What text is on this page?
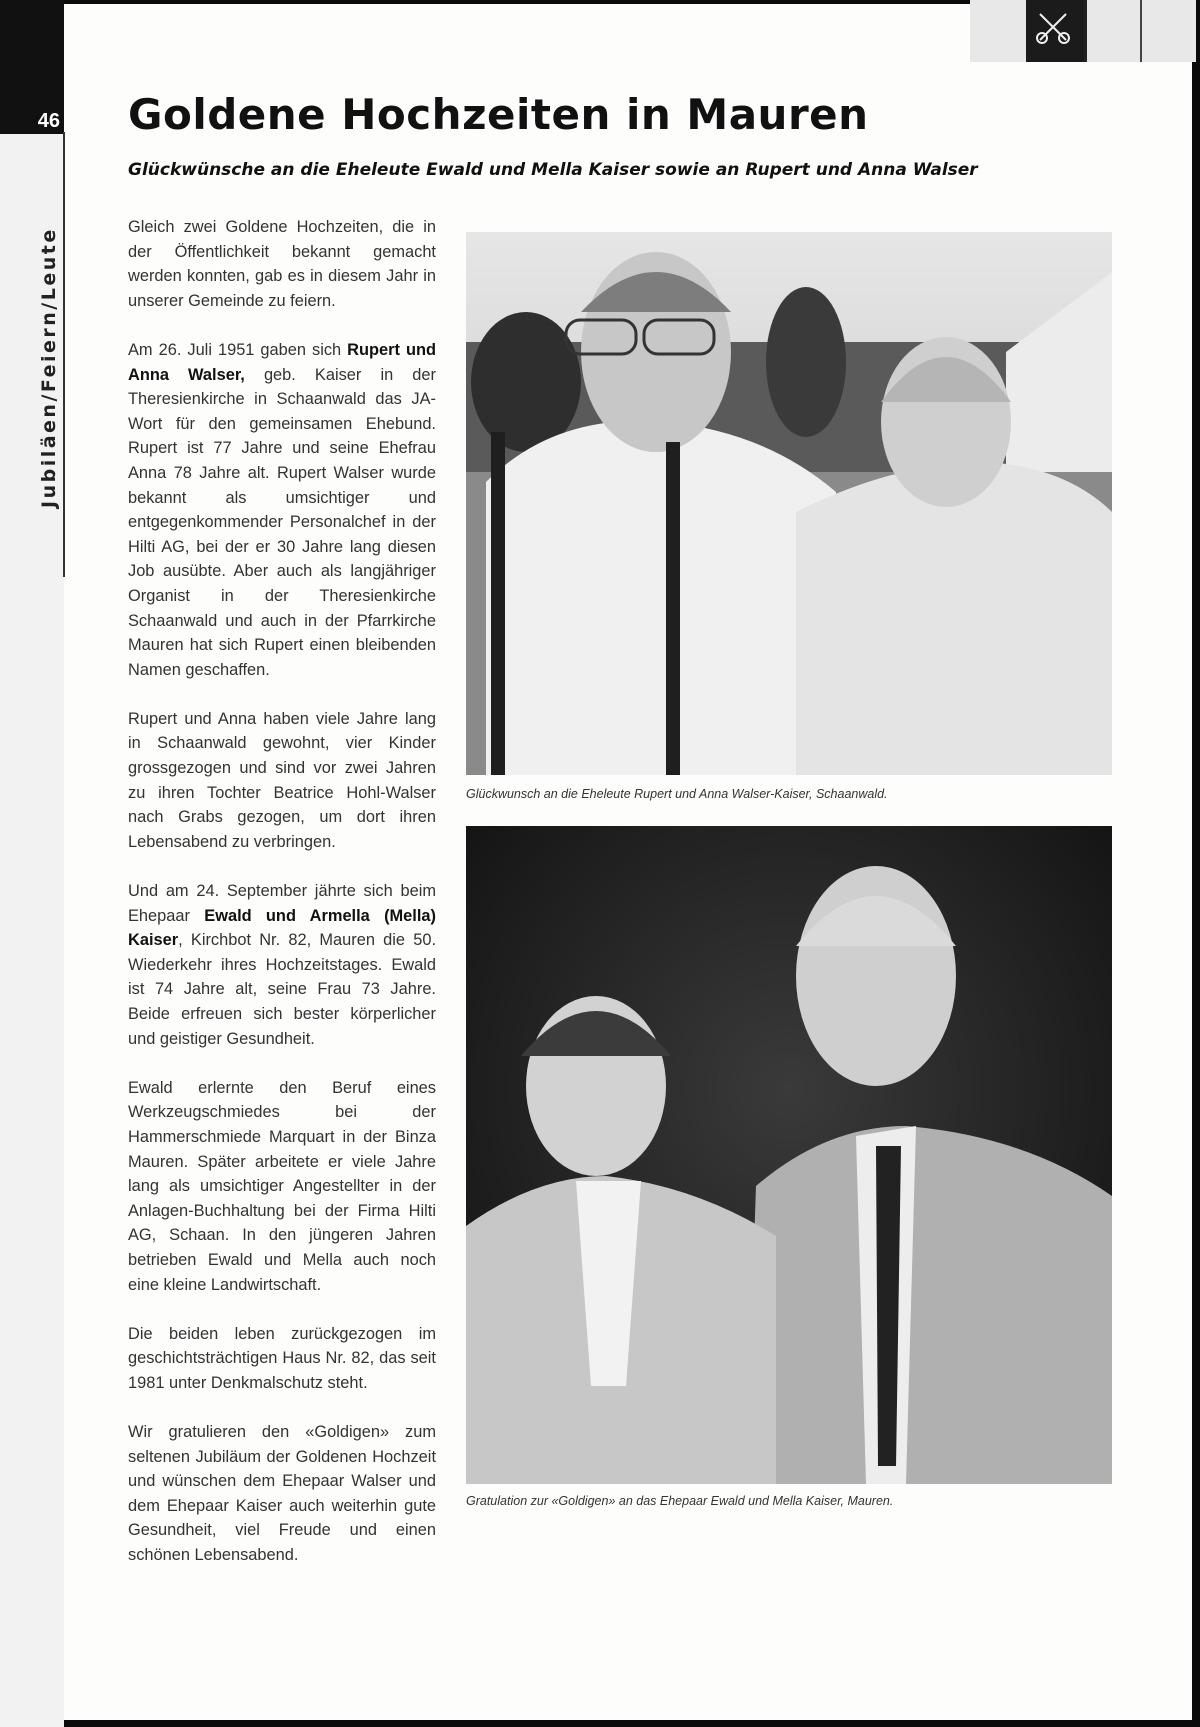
46
Jubiläen/Feiern/Leute
Goldene Hochzeiten in Mauren

Glückwünsche an die Eheleute Ewald und Mella Kaiser sowie an Rupert und Anna Walser

Gleich zwei Goldene Hochzeiten, die in der Öffentlichkeit bekannt gemacht werden konnten, gab es in diesem Jahr in unserer Gemeinde zu feiern.

Am 26. Juli 1951 gaben sich Rupert und Anna Walser, geb. Kaiser in der Theresienkirche in Schaanwald das JA-Wort für den gemeinsamen Ehebund. Rupert ist 77 Jahre und seine Ehefrau Anna 78 Jahre alt. Rupert Walser wurde bekannt als umsichtiger und entgegenkommender Personalchef in der Hilti AG, bei der er 30 Jahre lang diesen Job ausübte. Aber auch als langjähriger Organist in der Theresienkirche Schaanwald und auch in der Pfarrkirche Mauren hat sich Rupert einen bleibenden Namen geschaffen.

Rupert und Anna haben viele Jahre lang in Schaanwald gewohnt, vier Kinder grossgezogen und sind vor zwei Jahren zu ihren Tochter Beatrice Hohl-Walser nach Grabs gezogen, um dort ihren Lebensabend zu verbringen.

Und am 24. September jährte sich beim Ehepaar Ewald und Armella (Mella) Kaiser, Kirchbot Nr. 82, Mauren die 50. Wiederkehr ihres Hochzeitstages. Ewald ist 74 Jahre alt, seine Frau 73 Jahre. Beide erfreuen sich bester körperlicher und geistiger Gesundheit.

Ewald erlernte den Beruf eines Werkzeugschmiedes bei der Hammerschmiede Marquart in der Binza Mauren. Später arbeitete er viele Jahre lang als umsichtiger Angestellter in der Anlagen-Buchhaltung bei der Firma Hilti AG, Schaan. In den jüngeren Jahren betrieben Ewald und Mella auch noch eine kleine Landwirtschaft.

Die beiden leben zurückgezogen im geschichtsträchtigen Haus Nr. 82, das seit 1981 unter Denkmalschutz steht.

Wir gratulieren den «Goldigen» zum seltenen Jubiläum der Goldenen Hochzeit und wünschen dem Ehepaar Walser und dem Ehepaar Kaiser auch weiterhin gute Gesundheit, viel Freude und einen schönen Lebensabend.

Glückwunsch an die Eheleute Rupert und Anna Walser-Kaiser, Schaanwald.
Gratulation zur «Goldigen» an das Ehepaar Ewald und Mella Kaiser, Mauren.
